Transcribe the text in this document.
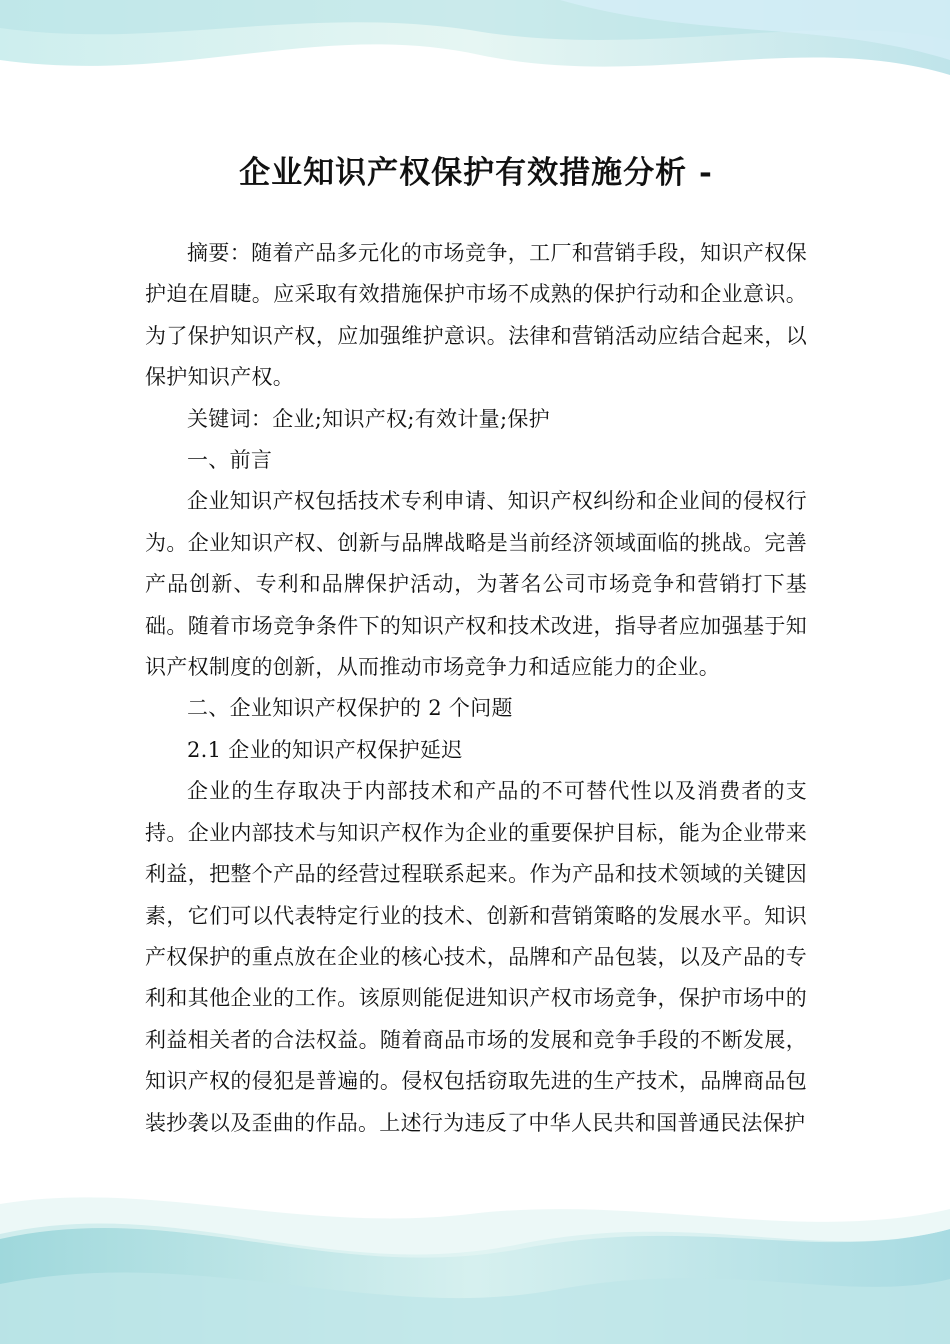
企业知识产权保护有效措施分析 -

摘要：随着产品多元化的市场竞争，工厂和营销手段，知识产权保护迫在眉睫。应采取有效措施保护市场不成熟的保护行动和企业意识。为了保护知识产权，应加强维护意识。法律和营销活动应结合起来，以保护知识产权。

关键词：企业;知识产权;有效计量;保护

一、前言

企业知识产权包括技术专利申请、知识产权纠纷和企业间的侵权行为。企业知识产权、创新与品牌战略是当前经济领域面临的挑战。完善产品创新、专利和品牌保护活动，为著名公司市场竞争和营销打下基础。随着市场竞争条件下的知识产权和技术改进，指导者应加强基于知识产权制度的创新，从而推动市场竞争力和适应能力的企业。

二、企业知识产权保护的 2 个问题

2.1 企业的知识产权保护延迟

企业的生存取决于内部技术和产品的不可替代性以及消费者的支持。企业内部技术与知识产权作为企业的重要保护目标，能为企业带来利益，把整个产品的经营过程联系起来。作为产品和技术领域的关键因素，它们可以代表特定行业的技术、创新和营销策略的发展水平。知识产权保护的重点放在企业的核心技术，品牌和产品包装，以及产品的专利和其他企业的工作。该原则能促进知识产权市场竞争，保护市场中的利益相关者的合法权益。随着商品市场的发展和竞争手段的不断发展，知识产权的侵犯是普遍的。侵权包括窃取先进的生产技术，品牌商品包装抄袭以及歪曲的作品。上述行为违反了中华人民共和国普通民法保护
